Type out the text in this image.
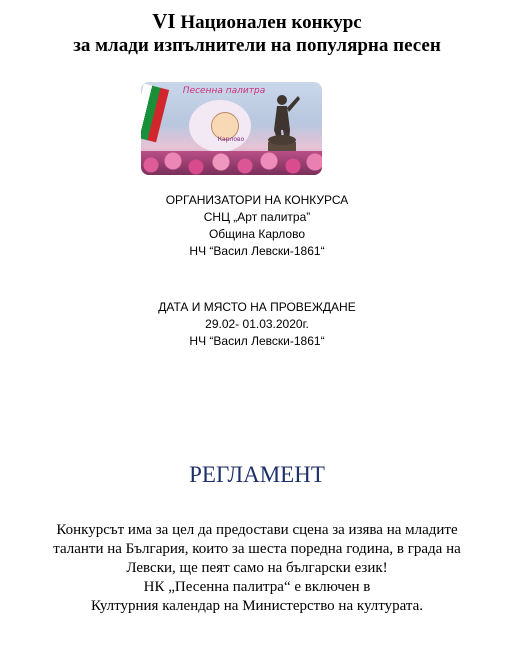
VI Национален конкурс
за млади изпълнители на популярна песен
Песенна палитра
Карлово
ОРГАНИЗАТОРИ НА КОНКУРСА
СНЦ „Арт палитра”
Община Карлово
НЧ “Васил Левски-1861“
ДАТА И МЯСТО НА ПРОВЕЖДАНЕ
29.02- 01.03.2020г.
НЧ “Васил Левски-1861“
РЕГЛАМЕНТ
Конкурсът има за цел да предостави сцена за изява на младите
таланти на България, които за шеста поредна година, в града на
Левски, ще пеят само на български език!
НК „Песенна палитра“ е включен в
Културния календар на Министерство на културата.
